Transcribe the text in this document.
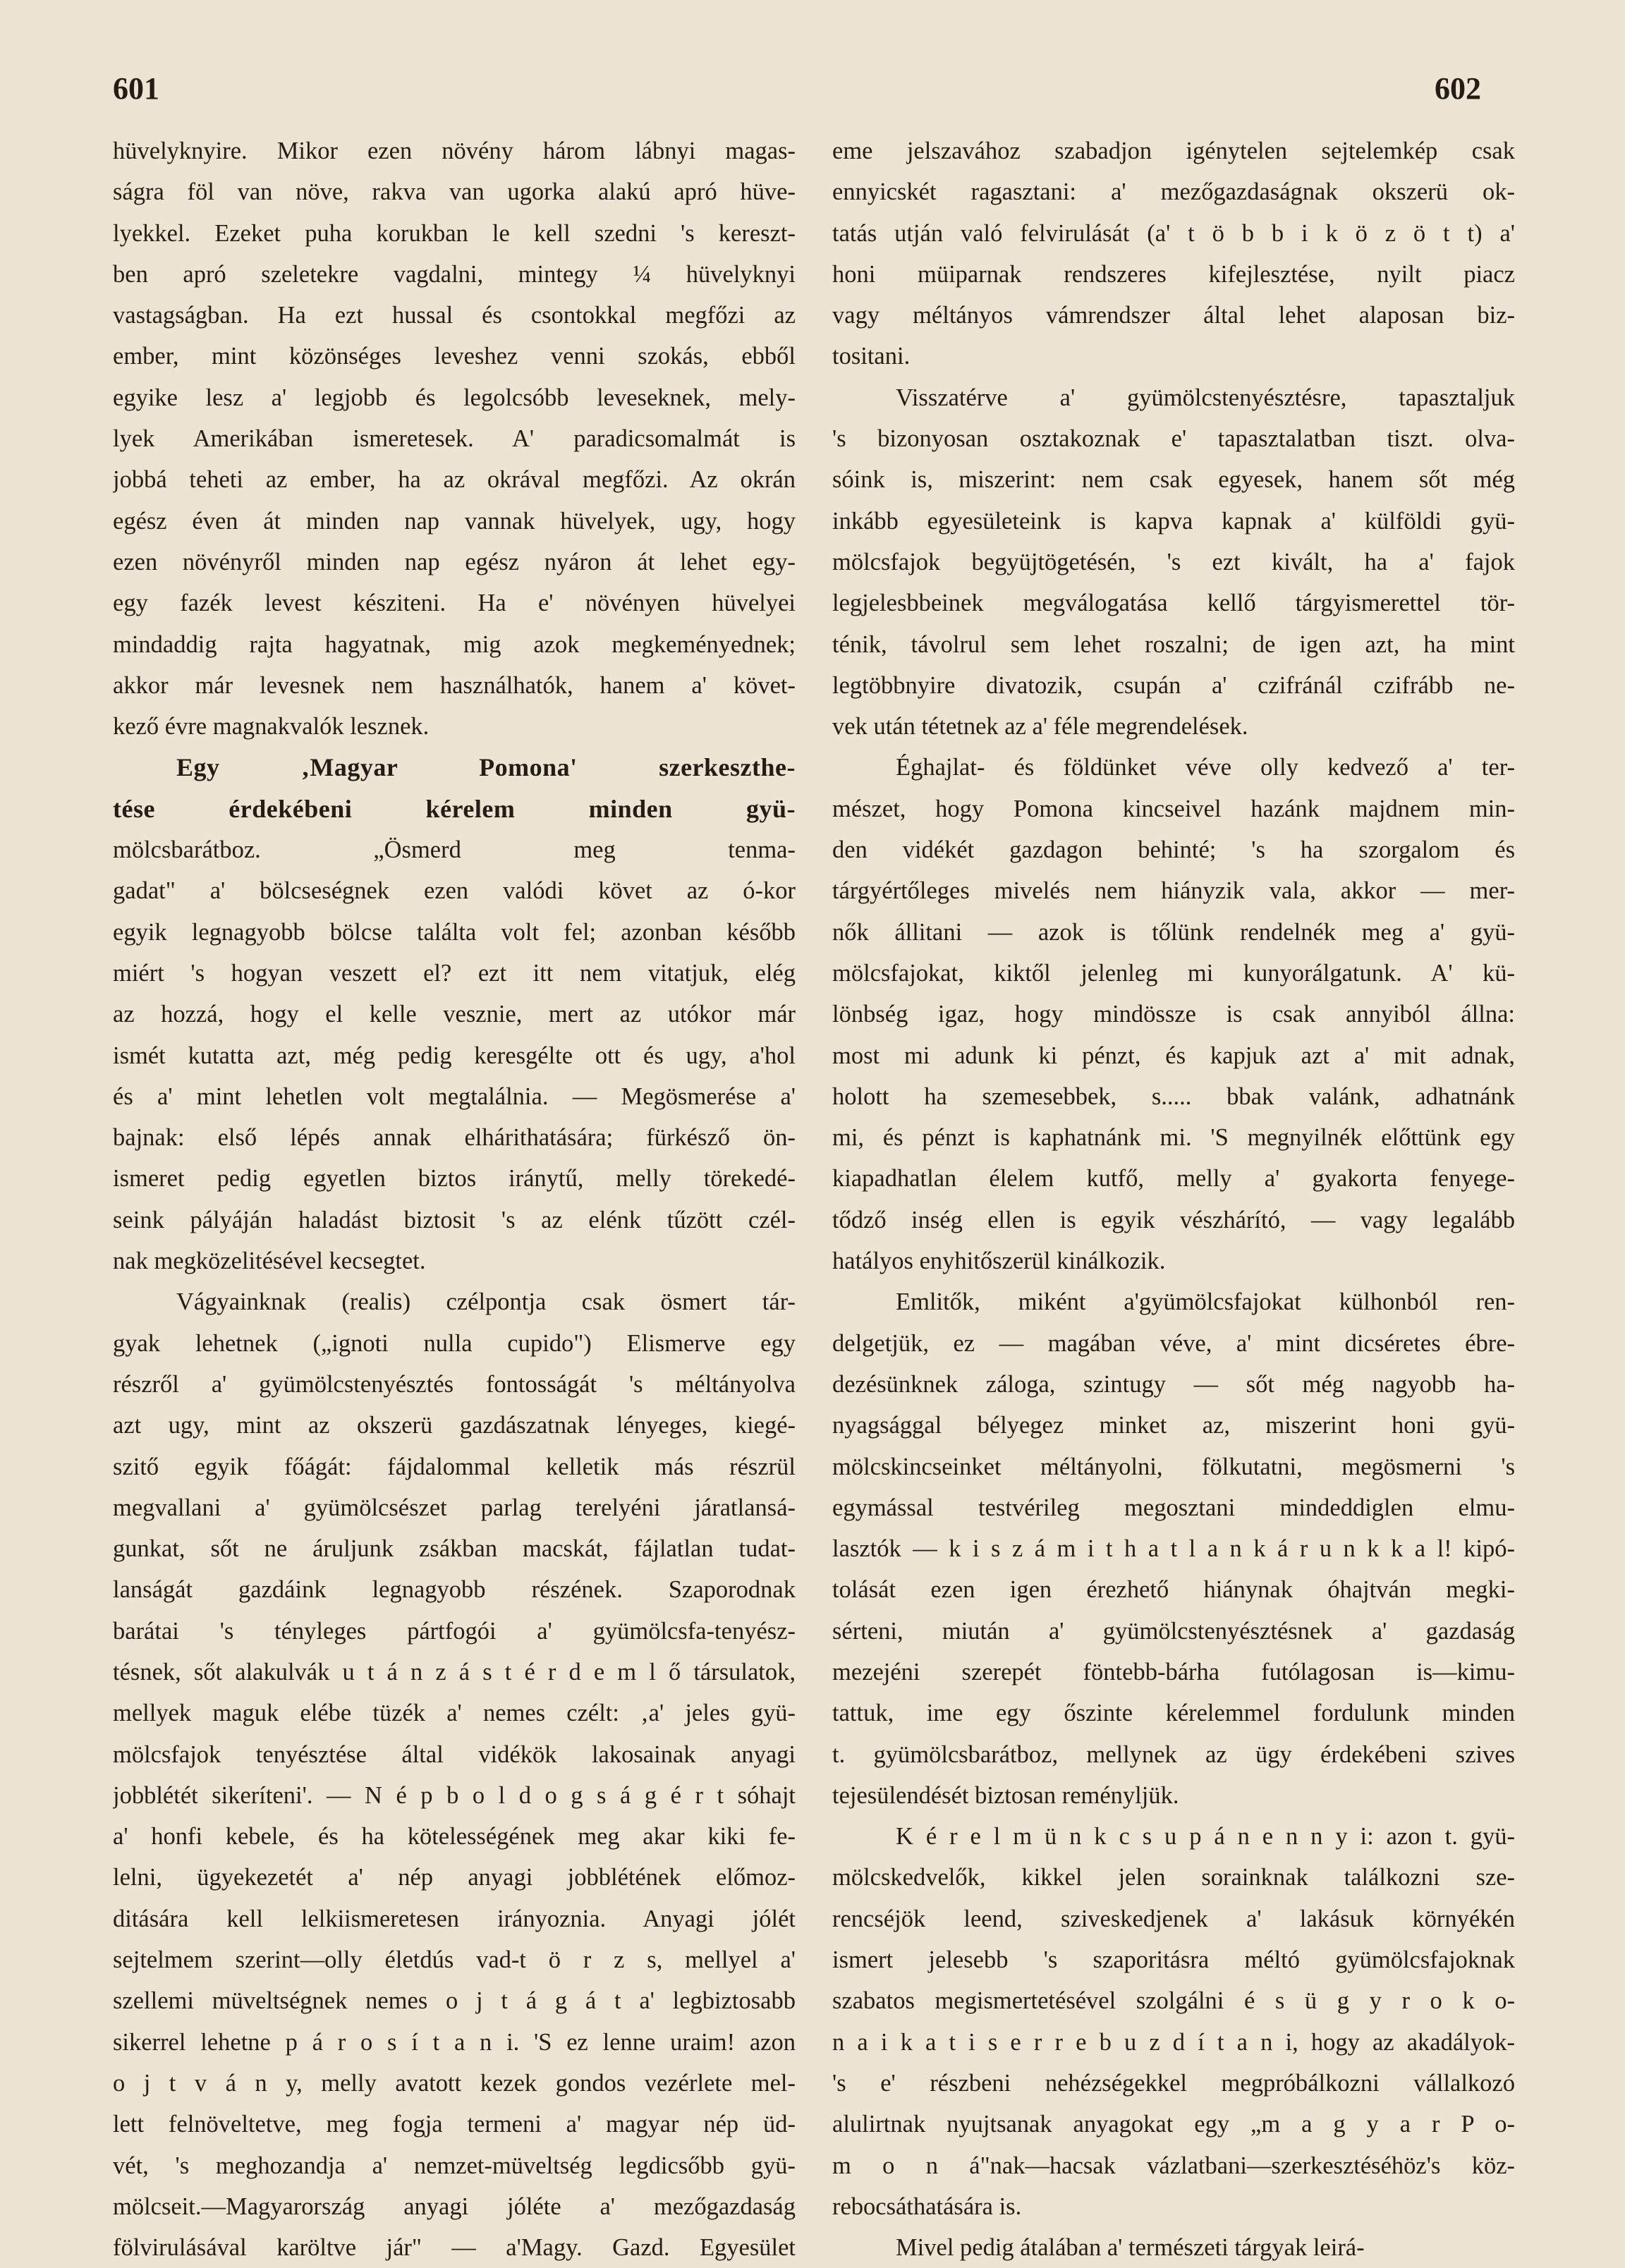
601	602
hüvelyknyire. Mikor ezen növény három lábnyi magas-
ságra föl van növe, rakva van ugorka alakú apró hüve-
lyekkel. Ezeket puha korukban le kell szedni 's kereszt-
ben apró szeletekre vagdalni, mintegy ¼ hüvelyknyi
vastagságban. Ha ezt hussal és csontokkal megfőzi az
ember, mint közönséges leveshez venni szokás, ebből
egyike lesz a' legjobb és legolcsóbb leveseknek, mely-
lyek Amerikában ismeretesek. A' paradicsomalmát is
jobbá teheti az ember, ha az okrával megfőzi. Az okrán
egész éven át minden nap vannak hüvelyek, ugy, hogy
ezen növényről minden nap egész nyáron át lehet egy-
egy fazék levest késziteni. Ha e' növényen hüvelyei
mindaddig rajta hagyatnak, mig azok megkeményednek;
akkor már levesnek nem használhatók, hanem a' követ-
kező évre magnakvalók lesznek.
Egy ‚Magyar Pomona' szerkeszthe-
tése érdekébeni kérelem minden gyü-
mölcsbarátboz. „Ösmerd meg tenma-
gadat" a' bölcseségnek ezen valódi követ az ó-kor
egyik legnagyobb bölcse találta volt fel; azonban később
miért 's hogyan veszett el? ezt itt nem vitatjuk, elég
az hozzá, hogy el kelle vesznie, mert az utókor már
ismét kutatta azt, még pedig keresgélte ott és ugy, a'hol
és a' mint lehetlen volt megtalálnia. — Megösmerése a'
bajnak: első lépés annak elhárithatására; fürkésző ön-
ismeret pedig egyetlen biztos iránytű, melly törekedé-
seink pályáján haladást biztosit 's az elénk tűzött czél-
nak megközelitésével kecsegtet.
Vágyainknak (realis) czélpontja csak ösmert tár-
gyak lehetnek („ignoti nulla cupido") Elismerve egy
részről a' gyümölcstenyésztés fontosságát 's méltányolva
azt ugy, mint az okszerü gazdászatnak lényeges, kiegé-
szitő egyik főágát: fájdalommal kelletik más részrül
megvallani a' gyümölcsészet parlag terelyéni járatlansá-
gunkat, sőt ne áruljunk zsákban macskát, fájlatlan tudat-
lanságát gazdáink legnagyobb részének. Szaporodnak
barátai 's tényleges pártfogói a' gyümölcsfa-tenyész-
tésnek, sőt alakulvák u t á n z á s t é r d e m l ő társulatok,
mellyek maguk elébe tüzék a' nemes czélt: ‚a' jeles gyü-
mölcsfajok tenyésztése által vidékök lakosainak anyagi
jobblétét sikeríteni'. — N é p b o l d o g s á g é r t sóhajt
a' honfi kebele, és ha kötelességének meg akar kiki fe-
lelni, ügyekezetét a' nép anyagi jobblétének előmoz-
ditására kell lelkiismeretesen irányoznia. Anyagi jólét
sejtelmem szerint—olly életdús vad-t ö r z s, mellyel a'
szellemi müveltségnek nemes o j t á g á t a' legbiztosabb
sikerrel lehetne p á r o s í t a n i. 'S ez lenne uraim! azon
o j t v á n y, melly avatott kezek gondos vezérlete mel-
lett felnöveltetve, meg fogja termeni a' magyar nép üd-
vét, 's meghozandja a' nemzet-müveltség legdicsőbb gyü-
mölcseit.—Magyarország anyagi jóléte a' mezőgazdaság
fölvirulásával karöltve jár" — a'Magy. Gazd. Egyesület
eme jelszavához szabadjon igénytelen sejtelemkép csak
ennyicskét ragasztani: a' mezőgazdaságnak okszerü ok-
tatás utján való felvirulását (a' t ö b b i k ö z ö t t) a'
honi müiparnak rendszeres kifejlesztése, nyilt piacz
vagy méltányos vámrendszer által lehet alaposan biz-
tositani.
Visszatérve a' gyümölcstenyésztésre, tapasztaljuk
's bizonyosan osztakoznak e' tapasztalatban tiszt. olva-
sóink is, miszerint: nem csak egyesek, hanem sőt még
inkább egyesületeink is kapva kapnak a' külföldi gyü-
mölcsfajok begyüjtögetésén, 's ezt kivált, ha a' fajok
legjelesbbeinek megválogatása kellő tárgyismerettel tör-
ténik, távolrul sem lehet roszalni; de igen azt, ha mint
legtöbbnyire divatozik, csupán a' czifránál czifrább ne-
vek után tétetnek az a' féle megrendelések.
Éghajlat- és földünket véve olly kedvező a' ter-
mészet, hogy Pomona kincseivel hazánk majdnem min-
den vidékét gazdagon behinté; 's ha szorgalom és
tárgyértőleges mivelés nem hiányzik vala, akkor — mer-
nők állitani — azok is tőlünk rendelnék meg a' gyü-
mölcsfajokat, kiktől jelenleg mi kunyorálgatunk. A' kü-
lönbség igaz, hogy mindössze is csak annyiból állna:
most mi adunk ki pénzt, és kapjuk azt a' mit adnak,
holott ha szemesebbek, s..... bbak valánk, adhatnánk
mi, és pénzt is kaphatnánk mi. 'S megnyilnék előttünk egy
kiapadhatlan élelem kutfő, melly a' gyakorta fenyege-
tődző inség ellen is egyik vészhárító, — vagy legalább
hatályos enyhitőszerül kinálkozik.
Emlitők, miként a'gyümölcsfajokat külhonból ren-
delgetjük, ez — magában véve, a' mint dicséretes ébre-
dezésünknek záloga, szintugy — sőt még nagyobb ha-
nyagsággal bélyegez minket az, miszerint honi gyü-
mölcskincseinket méltányolni, fölkutatni, megösmerni 's
egymással testvérileg megosztani mindeddiglen elmu-
lasztók — k i s z á m i t h a t l a n k á r u n k k a l! kipó-
tolását ezen igen érezhető hiánynak óhajtván megki-
sérteni, miután a' gyümölcstenyésztésnek a' gazdaság
mezejéni szerepét föntebb-bárha futólagosan is—kimu-
tattuk, ime egy őszinte kérelemmel fordulunk minden
t. gyümölcsbarátboz, mellynek az ügy érdekébeni szives
tejesülendését biztosan reményljük.
K é r e l m ü n k c s u p á n e n n y i: azon t. gyü-
mölcskedvelők, kikkel jelen sorainknak találkozni sze-
rencséjök leend, sziveskedjenek a' lakásuk környékén
ismert jelesebb 's szaporitásra méltó gyümölcsfajoknak
szabatos megismertetésével szolgálni é s ü g y r o k o-
n a i k a t i s e r r e b u z d í t a n i, hogy az akadályok-
's e' részbeni nehézségekkel megpróbálkozni vállalkozó
alulirtnak nyujtsanak anyagokat egy „m a g y a r P o-
m o n á"nak—hacsak vázlatbani—szerkesztéséhöz's köz-
rebocsáthatására is.
Mivel pedig átalában a' természeti tárgyak leirá-
